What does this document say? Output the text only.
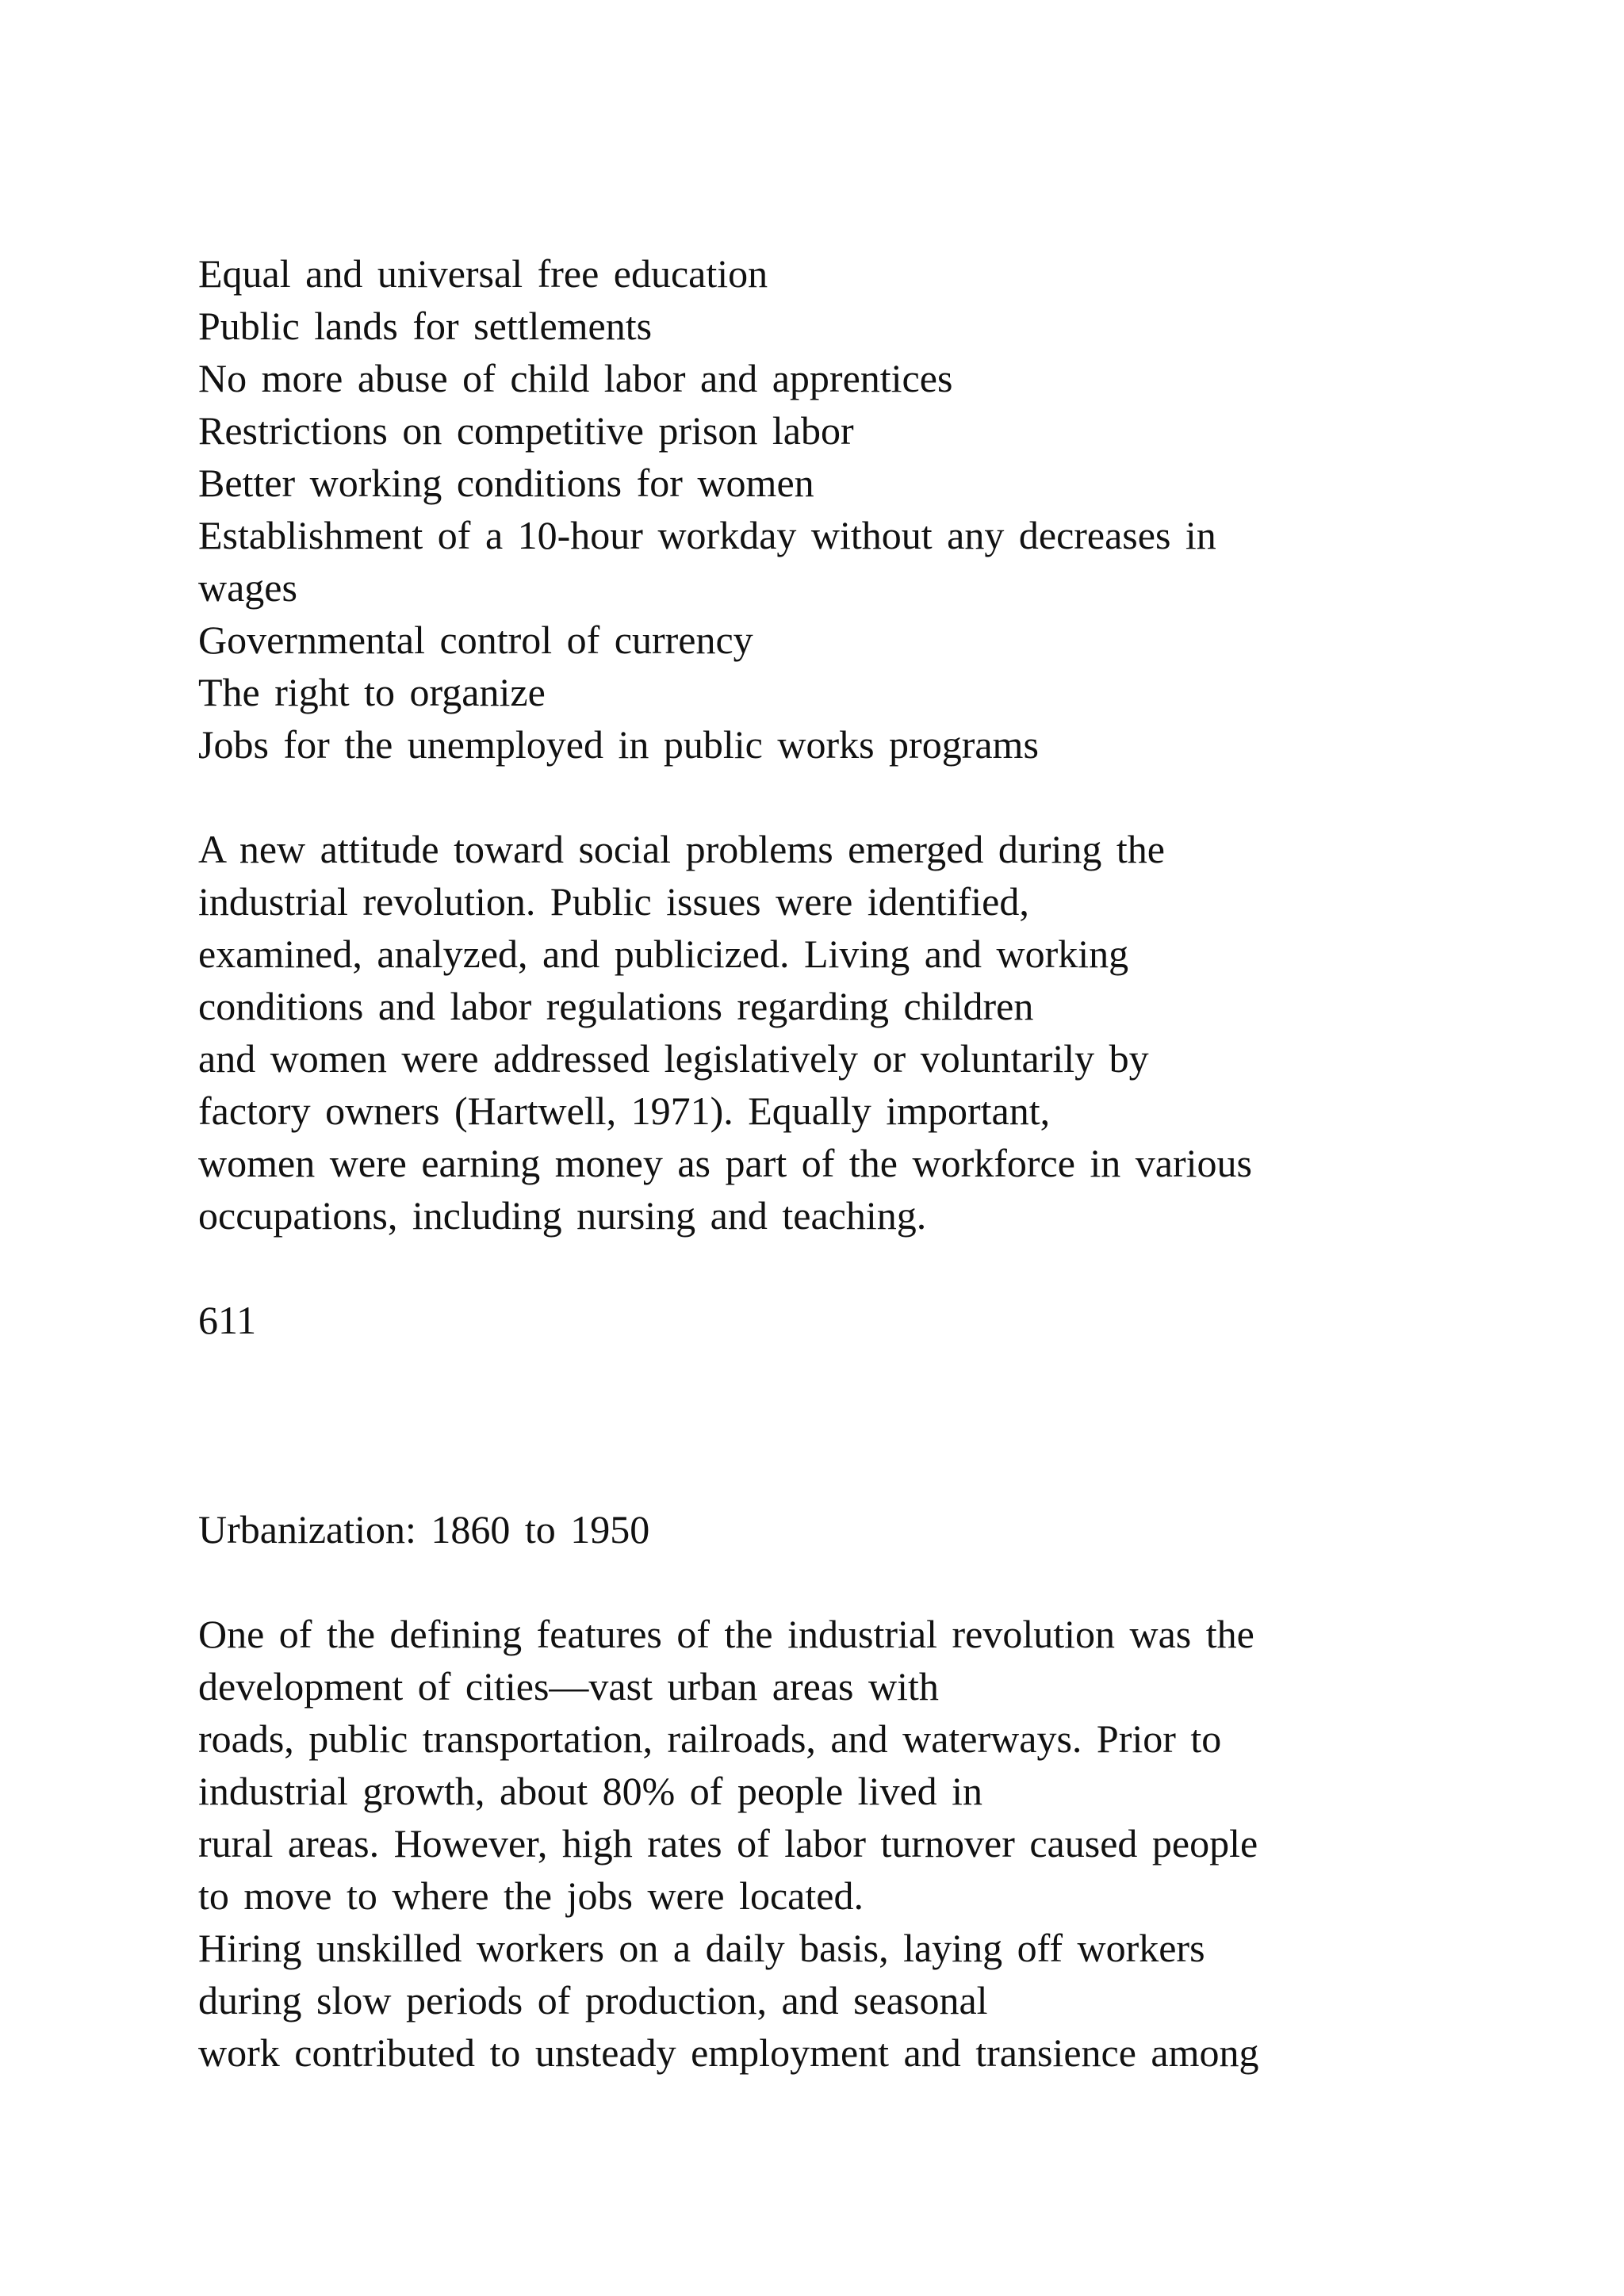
Equal and universal free education
Public lands for settlements
No more abuse of child labor and apprentices
Restrictions on competitive prison labor
Better working conditions for women
Establishment of a 10-hour workday without any decreases in
wages
Governmental control of currency
The right to organize
Jobs for the unemployed in public works programs
A new attitude toward social problems emerged during the
industrial revolution. Public issues were identified,
examined, analyzed, and publicized. Living and working
conditions and labor regulations regarding children
and women were addressed legislatively or voluntarily by
factory owners (Hartwell, 1971). Equally important,
women were earning money as part of the workforce in various
occupations, including nursing and teaching.
611
Urbanization: 1860 to 1950
One of the defining features of the industrial revolution was the
development of cities—vast urban areas with
roads, public transportation, railroads, and waterways. Prior to
industrial growth, about 80% of people lived in
rural areas. However, high rates of labor turnover caused people
to move to where the jobs were located.
Hiring unskilled workers on a daily basis, laying off workers
during slow periods of production, and seasonal
work contributed to unsteady employment and transience among
